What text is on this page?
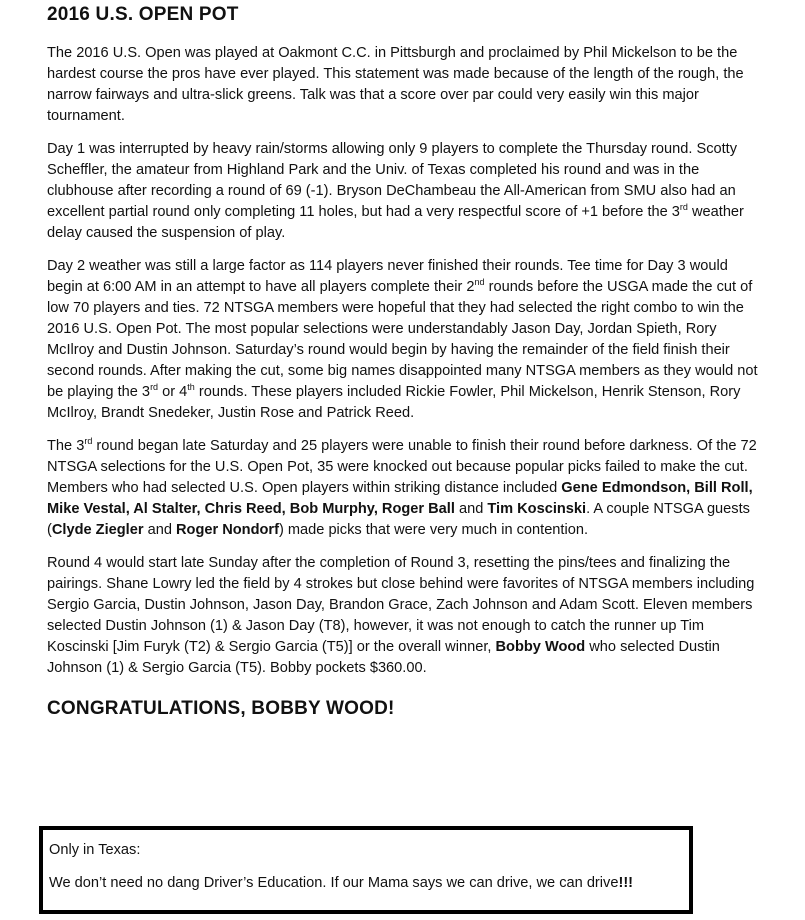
2016 U.S. OPEN POT

The 2016 U.S. Open was played at Oakmont C.C. in Pittsburgh and proclaimed by Phil Mickelson to be the hardest course the pros have ever played. This statement was made because of the length of the rough, the narrow fairways and ultra-slick greens. Talk was that a score over par could very easily win this major tournament.

Day 1 was interrupted by heavy rain/storms allowing only 9 players to complete the Thursday round. Scotty Scheffler, the amateur from Highland Park and the Univ. of Texas completed his round and was in the clubhouse after recording a round of 69 (-1). Bryson DeChambeau the All-American from SMU also had an excellent partial round only completing 11 holes, but had a very respectful score of +1 before the 3rd weather delay caused the suspension of play.

Day 2 weather was still a large factor as 114 players never finished their rounds. Tee time for Day 3 would begin at 6:00 AM in an attempt to have all players complete their 2nd rounds before the USGA made the cut of low 70 players and ties. 72 NTSGA members were hopeful that they had selected the right combo to win the 2016 U.S. Open Pot. The most popular selections were understandably Jason Day, Jordan Spieth, Rory McIlroy and Dustin Johnson. Saturday’s round would begin by having the remainder of the field finish their second rounds. After making the cut, some big names disappointed many NTSGA members as they would not be playing the 3rd or 4th rounds. These players included Rickie Fowler, Phil Mickelson, Henrik Stenson, Rory McIlroy, Brandt Snedeker, Justin Rose and Patrick Reed.

The 3rd round began late Saturday and 25 players were unable to finish their round before darkness. Of the 72 NTSGA selections for the U.S. Open Pot, 35 were knocked out because popular picks failed to make the cut. Members who had selected U.S. Open players within striking distance included Gene Edmondson, Bill Roll, Mike Vestal, Al Stalter, Chris Reed, Bob Murphy, Roger Ball and Tim Koscinski. A couple NTSGA guests (Clyde Ziegler and Roger Nondorf) made picks that were very much in contention.

Round 4 would start late Sunday after the completion of Round 3, resetting the pins/tees and finalizing the pairings. Shane Lowry led the field by 4 strokes but close behind were favorites of NTSGA members including Sergio Garcia, Dustin Johnson, Jason Day, Brandon Grace, Zach Johnson and Adam Scott. Eleven members selected Dustin Johnson (1) & Jason Day (T8), however, it was not enough to catch the runner up Tim Koscinski [Jim Furyk (T2) & Sergio Garcia (T5)] or the overall winner, Bobby Wood who selected Dustin Johnson (1) & Sergio Garcia (T5). Bobby pockets $360.00.

CONGRATULATIONS, BOBBY WOOD!

Only in Texas:

We don’t need no dang Driver’s Education. If our Mama says we can drive, we can drive!!!
